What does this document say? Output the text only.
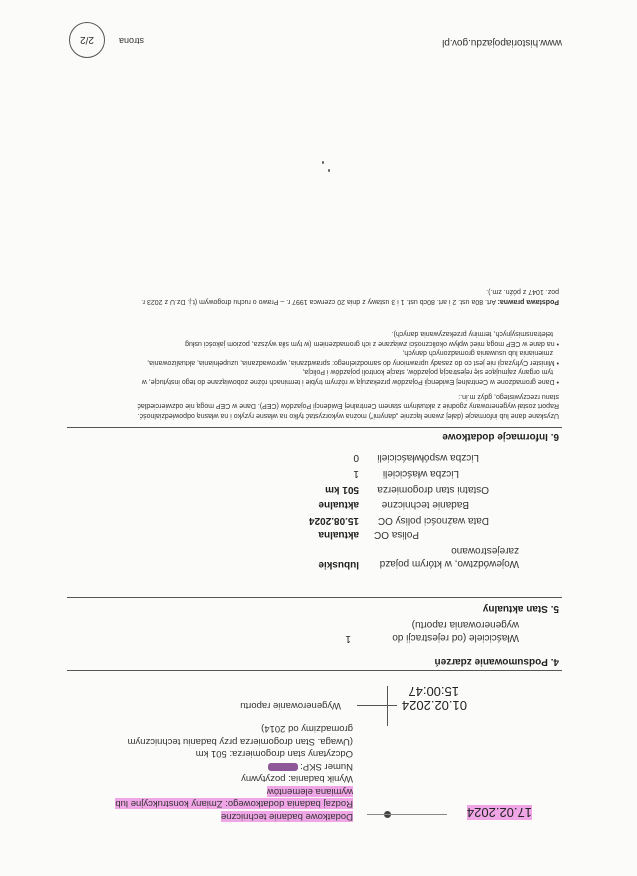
17.02.2024
Dodatkowe badanie techniczne
Rodzaj badania dodatkowego: Zmiany konstrukcyjne lub
wymiana elementów
Wynik badania: pozytywny
Numer SKP:
Odczytany stan drogomierza: 501 km
(Uwaga. Stan drogomierza przy badaniu technicznym
gromadzimy od 2014)
01.02.2024
15:00:47
Wygenerowanie raportu
4. Podsumowanie zdarzeń
Właściciele (od rejestracji do
wygenerowania raportu)
1
5. Stan aktualny
Województwo, w którym pojazd
zarejestrowano
lubuskie
Polisa OC
aktualna
Data ważności polisy OC
15.08.2024
Badanie techniczne
aktualne
Ostatni stan drogomierza
501 km
Liczba właścicieli
1
Liczba współwłaścicieli
0
6. Informacje dodatkowe
Uzyskane dane lub informacje (dalej zwane łącznie „danymi”) można wykorzystać tylko na własne ryzyko i na własną odpowiedzialność.
Raport został wygenerowany zgodnie z aktualnym stanem Centralnej Ewidencji Pojazdów (CEP). Dane w CEP mogą nie odzwierciedlać
stanu rzeczywistego, gdyż m.in.:
• Dane gromadzone w Centralnej Ewidencji Pojazdów przekazują w różnym trybie i terminach różne zobowiązane do tego instytucje, w
tym organy zajmujące się rejestracją pojazdów, stacje kontroli pojazdów i Policja,
• Minister Cyfryzacji nie jest co do zasady uprawniony do samodzielnego: sprawdzania, wprowadzania, uzupełniania, aktualizowania,
zmieniania lub usuwania gromadzonych danych,
• na dane w CEP mogą mieć wpływ okoliczności związane z ich gromadzeniem (w tym siła wyższa, poziom jakości usług
teletransmisyjnych, terminy przekazywania danych).
Podstawa prawna: Art. 80a ust. 2 i art. 80cb ust. 1 i 3 ustawy z dnia 20 czerwca 1997 r. – Prawo o ruchu drogowym (t.j. Dz.U z 2023 r.
poz. 1047 z późn. zm.).
www.historiapojazdu.gov.pl
strona
2/2
